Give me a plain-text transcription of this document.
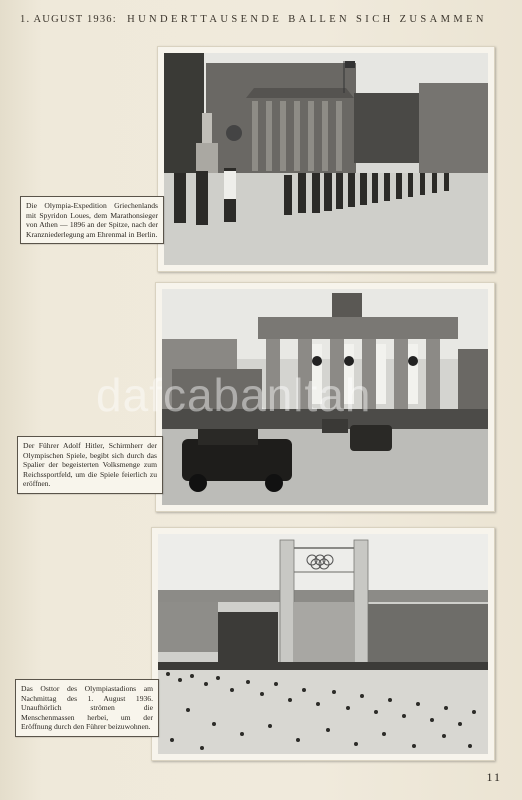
1. AUGUST 1936: HUNDERTTAUSENDE BALLEN SICH ZUSAMMEN
Die Olympia-Expedition Griechenlands mit Spyridon Loues, dem Marathonsieger von Athen — 1896 an der Spitze, nach der Kranzniederlegung am Ehrenmal in Berlin.
Der Führer Adolf Hitler, Schirmherr der Olympischen Spiele, begibt sich durch das Spalier der begeisterten Volksmenge zum Reichssportfeld, um die Spiele feierlich zu eröffnen.
Das Osttor des Olympiastadions am Nachmittag des 1. August 1936. Unaufhörlich strömen die Menschenmassen herbei, um der Eröffnung durch den Führer beizuwohnen.
dafcabanltah
11
